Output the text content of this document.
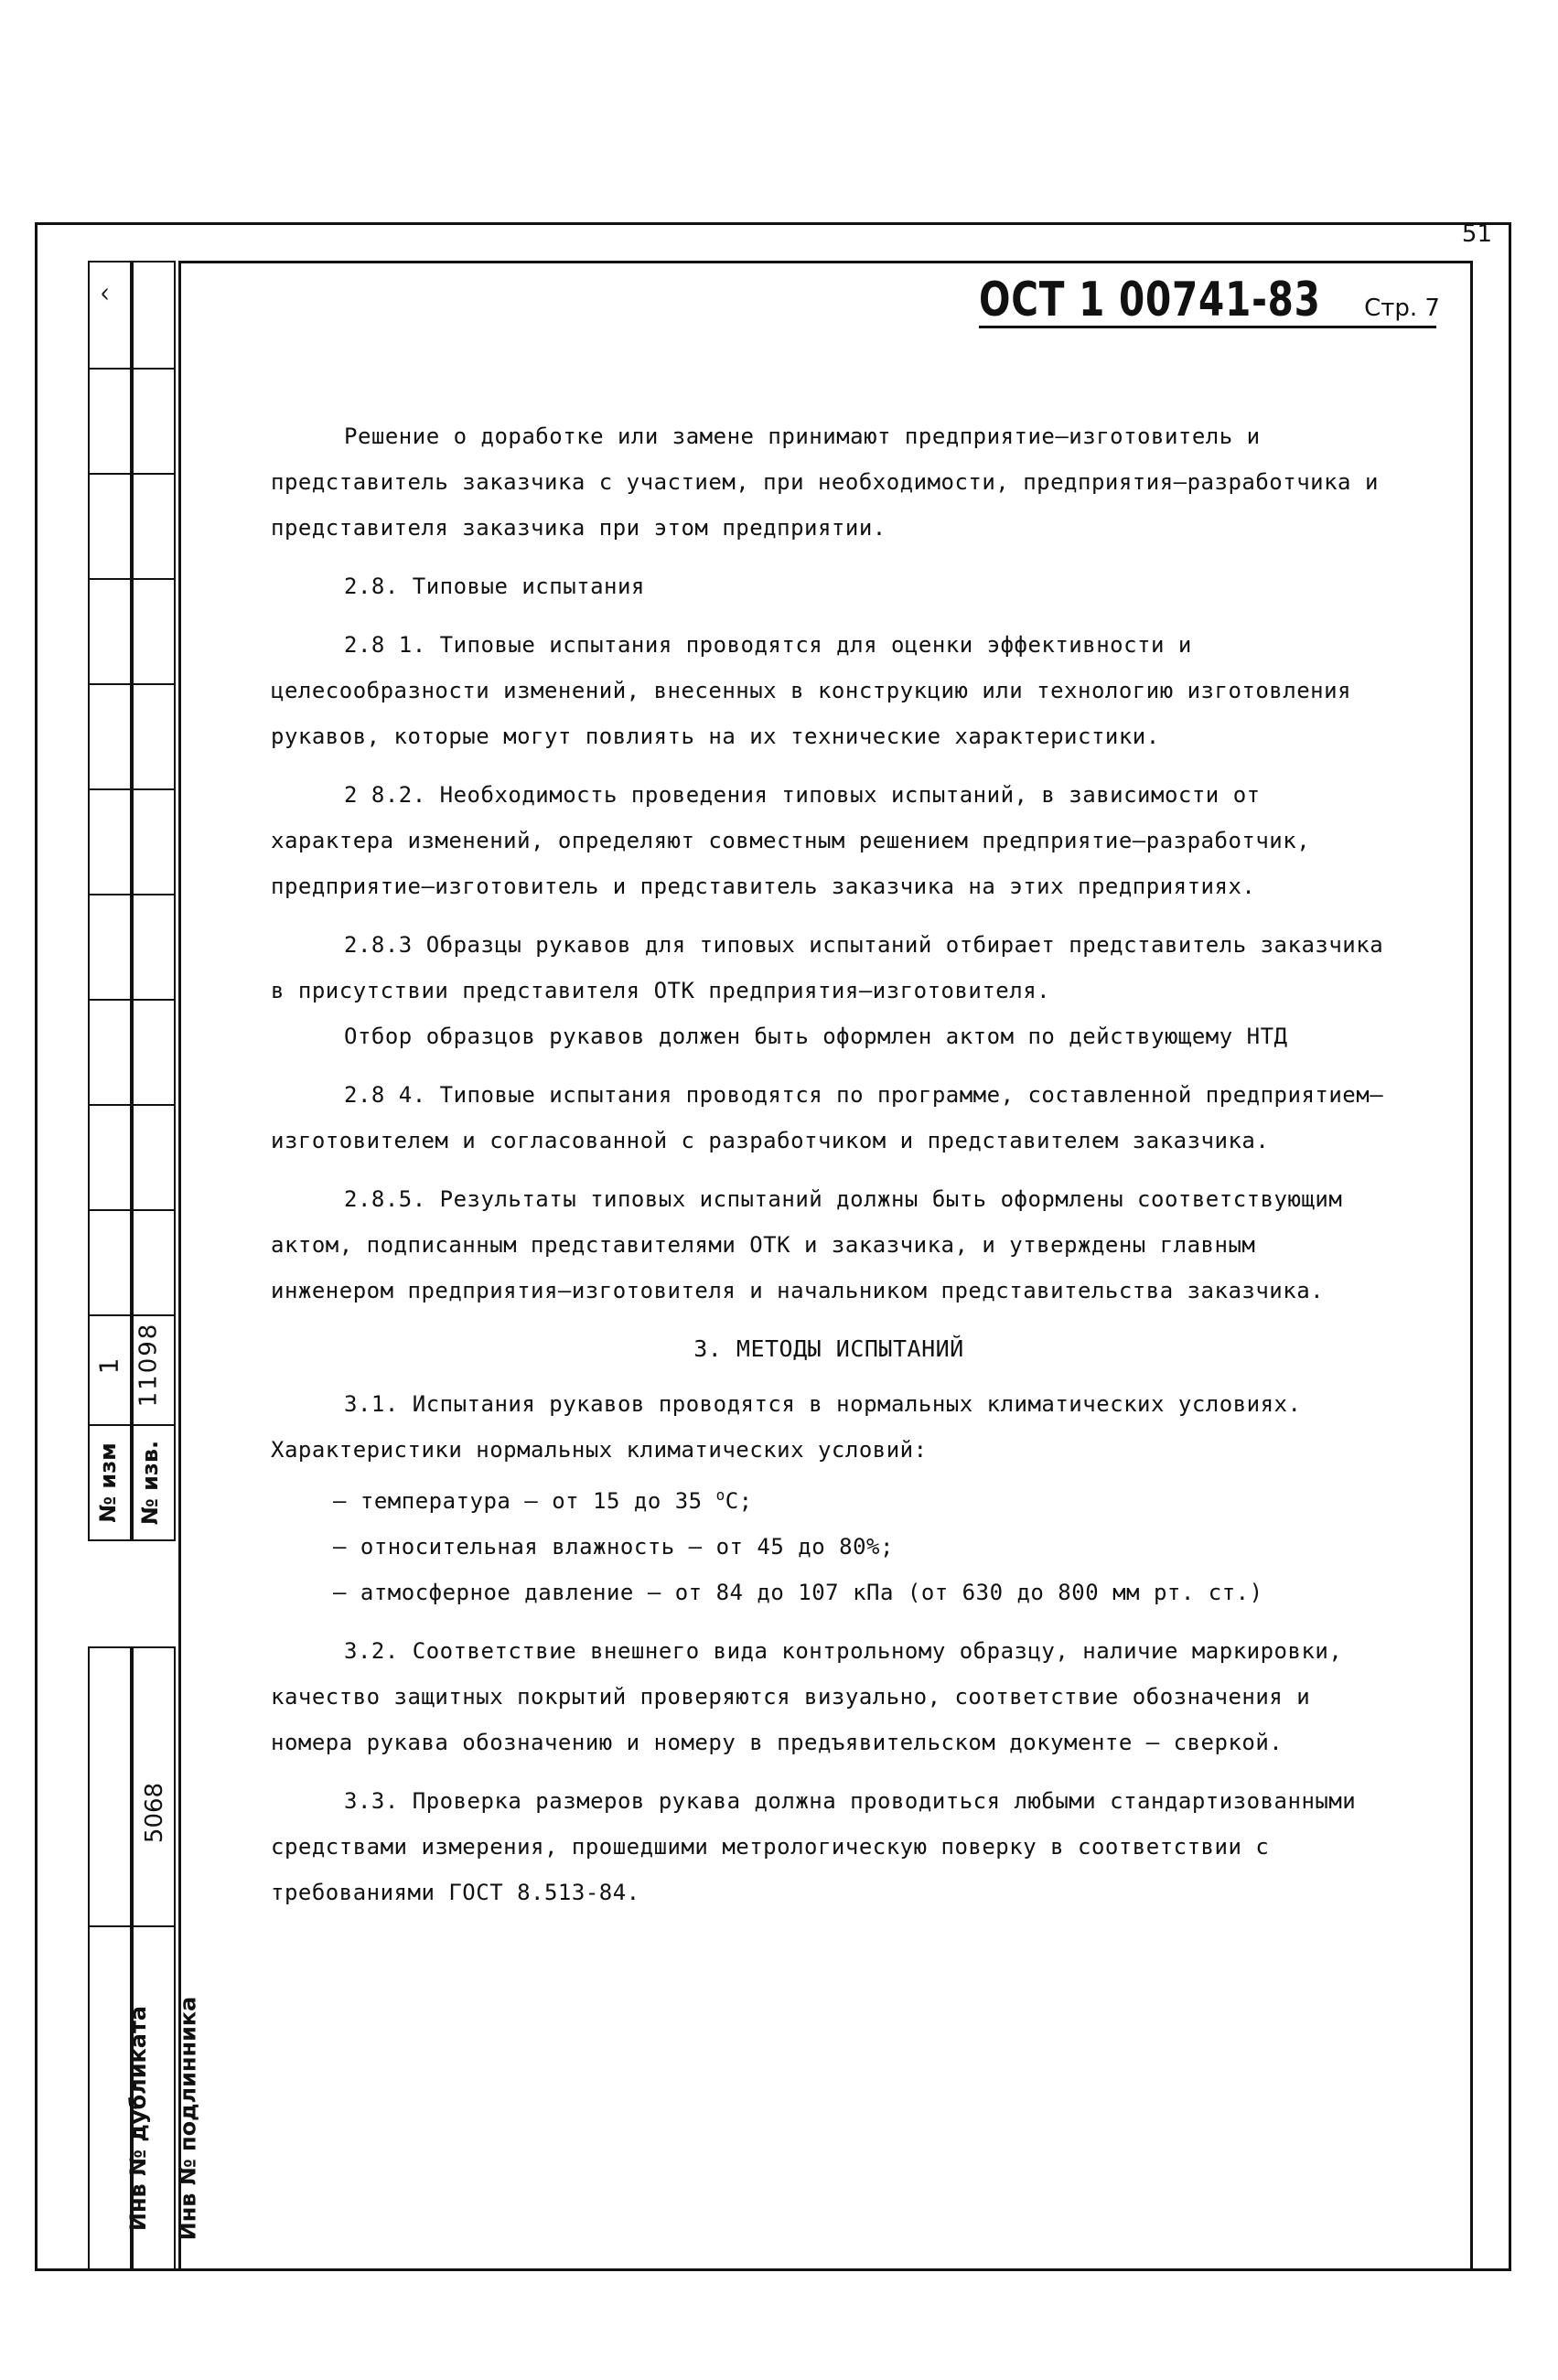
51
ОСТ 1 00741-83 Стр. 7

Решение о доработке или замене принимают предприятие–изготовитель и представитель заказчика с участием, при необходимости, предприятия–разработчика и представителя заказчика при этом предприятии.

2.8. Типовые испытания

2.8 1. Типовые испытания проводятся для оценки эффективности и целесообразности изменений, внесенных в конструкцию или технологию изготовления рукавов, которые могут повлиять на их технические характеристики.

2 8.2. Необходимость проведения типовых испытаний, в зависимости от характера изменений, определяют совместным решением предприятие–разработчик, предприятие–изготовитель и представитель заказчика на этих предприятиях.

2.8.3 Образцы рукавов для типовых испытаний отбирает представитель заказчика в присутствии представителя ОТК предприятия–изготовителя.

Отбор образцов рукавов должен быть оформлен актом по действующему НТД

2.8 4. Типовые испытания проводятся по программе, составленной предприятием–изготовителем и согласованной с разработчиком и представителем заказчика.

2.8.5. Результаты типовых испытаний должны быть оформлены соответствующим актом, подписанным представителями ОТК и заказчика, и утверждены главным инженером предприятия–изготовителя и начальником представительства заказчика.

3. МЕТОДЫ ИСПЫТАНИЙ

3.1. Испытания рукавов проводятся в нормальных климатических условиях.

Характеристики нормальных климатических условий:

– температура – от 15 до 35 $^о$С;

– относительная влажность – от 45 до 80%;

– атмосферное давление – от 84 до 107 кПа (от 630 до 800 мм рт. ст.)

3.2. Соответствие внешнего вида контрольному образцу, наличие маркировки, качество защитных покрытий проверяются визуально, соответствие обозначения и номера рукава обозначению и номеру в предъявительском документе – сверкой.

3.3. Проверка размеров рукава должна проводиться любыми стандартизованными средствами измерения, прошедшими метрологическую поверку в соответствии с требованиями ГОСТ 8.513-84.

^
1
№ изм
11098
№ изв.
Инв № дубликата
5068
Инв № подлинника
